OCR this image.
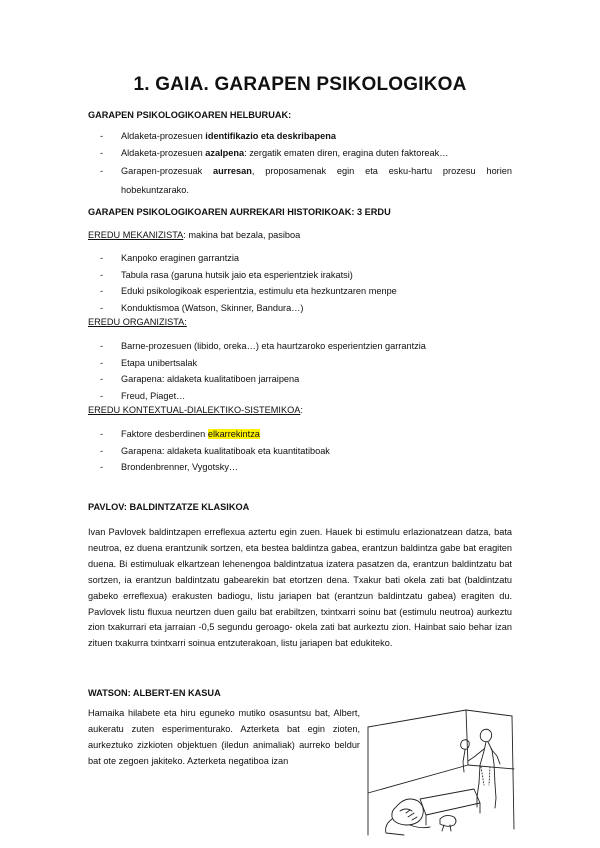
1. GAIA. GARAPEN PSIKOLOGIKOA

GARAPEN PSIKOLOGIKOAREN HELBURUAK:

- Aldaketa-prozesuen identifikazio eta deskribapena
- Aldaketa-prozesuen azalpena: zergatik ematen diren, eragina duten faktoreak…
- Garapen-prozesuak aurresan, proposamenak egin eta esku-hartu prozesu horien hobekuntzarako.

GARAPEN PSIKOLOGIKOAREN AURREKARI HISTORIKOAK: 3 ERDU

EREDU MEKANIZISTA: makina bat bezala, pasiboa

- Kanpoko eraginen garrantzia
- Tabula rasa (garuna hutsik jaio eta esperientziek irakatsi)
- Eduki psikologikoak esperientzia, estimulu eta hezkuntzaren menpe
- Konduktismoa (Watson, Skinner, Bandura…)

EREDU ORGANIZISTA:

- Barne-prozesuen (libido, oreka…) eta haurtzaroko esperientzien garrantzia
- Etapa unibertsalak
- Garapena: aldaketa kualitatiboen jarraipena
- Freud, Piaget…

EREDU KONTEXTUAL-DIALEKTIKO-SISTEMIKOA:

- Faktore desberdinen elkarrekintza
- Garapena: aldaketa kualitatiboak eta kuantitatiboak
- Brondenbrenner, Vygotsky…

PAVLOV: BALDINTZATZE KLASIKOA

Ivan Pavlovek baldintzapen erreflexua aztertu egin zuen. Hauek bi estimulu erlazionatzean datza, bata neutroa, ez duena erantzunik sortzen, eta bestea baldintza gabea, erantzun baldintza gabe bat eragiten duena. Bi estimuluak elkartzean lehenengoa baldintzatua izatera pasatzen da, erantzun baldintzatu bat sortzen, ia erantzun baldintzatu gabearekin bat etortzen dena. Txakur bati okela zati bat (baldintzatu gabeko erreflexua) erakusten badiogu, listu jariapen bat (erantzun baldintzatu gabea) eragiten du. Pavlovek listu fluxua neurtzen duen gailu bat erabiltzen, txintxarri soinu bat (estimulu neutroa) aurkeztu zion txakurrari eta jarraian -0,5 segundu geroago- okela zati bat aurkeztu zion. Hainbat saio behar izan zituen txakurra txintxarri soinua entzuterakoan, listu jariapen bat edukiteko.

WATSON: ALBERT-EN KASUA

Hamaika hilabete eta hiru eguneko mutiko osasuntsu bat, Albert, aukeratu zuten esperimenturako. Azterketa bat egin zioten, aurkeztuko zizkioten objektuen (iledun animaliak) aurreko beldur bat ote zegoen jakiteko. Azterketa negatiboa izan
